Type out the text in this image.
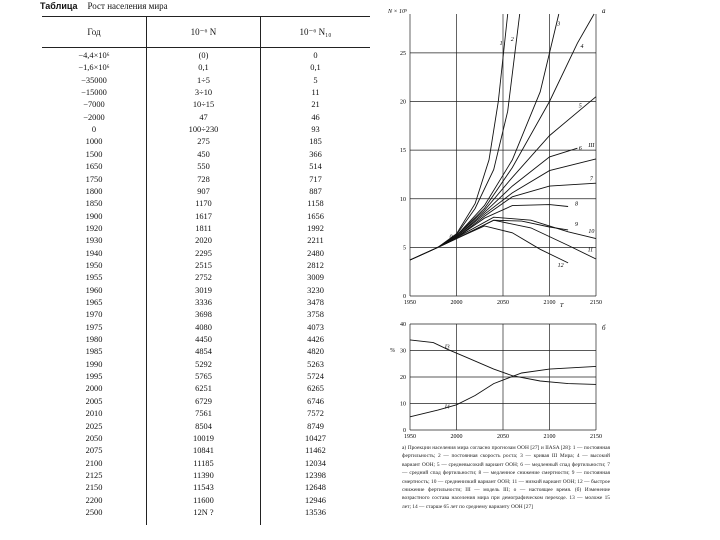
Таблица Рост населения мира
Год	10⁻⁶ N	10⁻⁶ N₁₀
−4,4×10⁶	(0)	0
−1,6×10⁶	0,1	0,1
−35000	1÷5	5
−15000	3÷10	11
−7000	10÷15	21
−2000	47	46
0	100÷230	93
1000	275	185
1500	450	366
1650	550	514
1750	728	717
1800	907	887
1850	1170	1158
1900	1617	1656
1920	1811	1992
1930	2020	2211
1940	2295	2480
1950	2515	2812
1955	2752	3009
1960	3019	3230
1965	3336	3478
1970	3698	3758
1975	4080	4073
1980	4450	4426
1985	4854	4820
1990	5292	5263
1995	5765	5724
2000	6251	6265
2005	6729	6746
2010	7561	7572
2025	8504	8749
2050	10019	10427
2075	10841	11462
2100	11185	12034
2125	11390	12398
2150	11543	12648
2200	11600	12946
2500	12N ?	13536
1950	2000	2050	2100	2150
0
5
10
15
20
25
1
2
3
4
5
6 III
7
8
9
10
11
12
N × 10⁹
T
а
0
1950	2000	2050	2100	2150
0
10
20
30
40
I3
I4
%
б
а) Проекции населения мира согласно прогнозам ООН [27] и IIASA [28]: 1 — постоянная фертильность; 2 — постоянная скорость роста; 3 — кривая III Мира; 4 — высокий вариант ООН; 5 — средневысокий вариант ООН; 6 — медленный спад фертильности; 7 — средний спад фертильности; 8 — медленное снижение смертности; 9 — постоянная смертность; 10 — средненизкий вариант ООН; 11 — низкий вариант ООН; 12 — быстрое снижение фертильности; III — модель III; o — настоящее время. (б) Изменение возрастного состава населения мира при демографическом переходе. 13 — моложе 15 лет; 14 — старше 65 лет по среднему варианту ООН [27]
